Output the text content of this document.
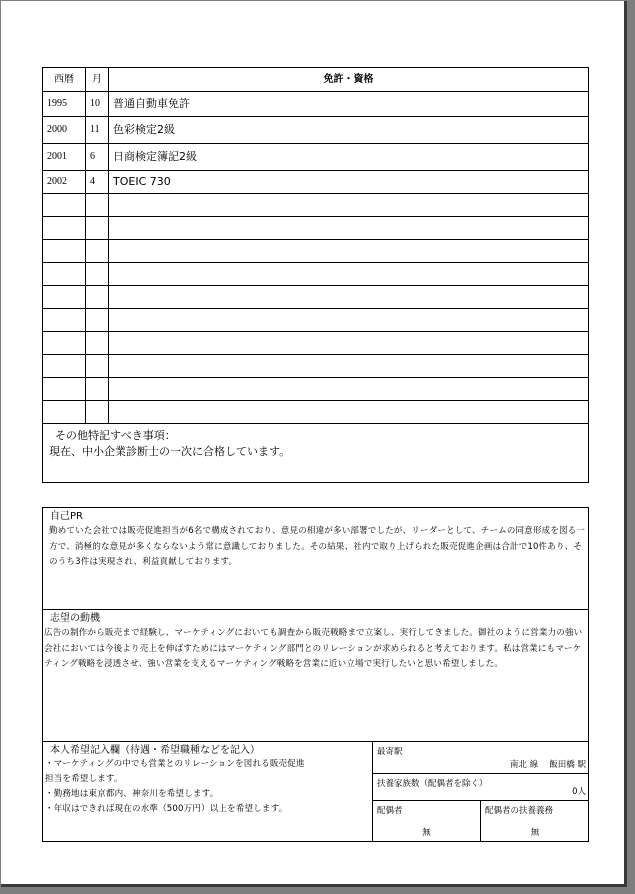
西暦	月	免許・資格
1995	10	普通自動車免許
2000	11	色彩検定2級
2001	6	日商検定簿記2級
2002	4	TOEIC 730

その他特記すべき事項：
現在、中小企業診断士の一次に合格しています。		
自己PR
勤めていた会社では販売促進担当が6名で構成されており、意見の相違が多い部署でしたが、リーダーとして、チームの同意形成を図る一方で、消極的な意見が多くならないよう常に意識しておりました。その結果、社内で取り上げられた販売促進企画は合計で10件あり、そのうち3件は実現され、利益貢献しております。
志望の動機
広告の制作から販売まで経験し、マーケティングにおいても調査から販売戦略まで立案し、実行してきました。御社のように営業力の強い会社においては今後より売上を伸ばすためにはマーケティング部門とのリレーションが求められると考えております。私は営業にもマーケティング戦略を浸透させ、強い営業を支えるマーケティング戦略を営業に近い立場で実行したいと思い希望しました。
本人希望記入欄（待遇・希望職種などを記入）
・マーケティングの中でも営業とのリレーションを図れる販売促進
担当を希望します。
・勤務地は東京都内、神奈川を希望します。
・年収はできれば現在の水準（500万円）以上を希望します。
最寄駅
南北 線　 飯田橋 駅
扶養家族数（配偶者を除く）
0人
配偶者
無
配偶者の扶養義務
無
